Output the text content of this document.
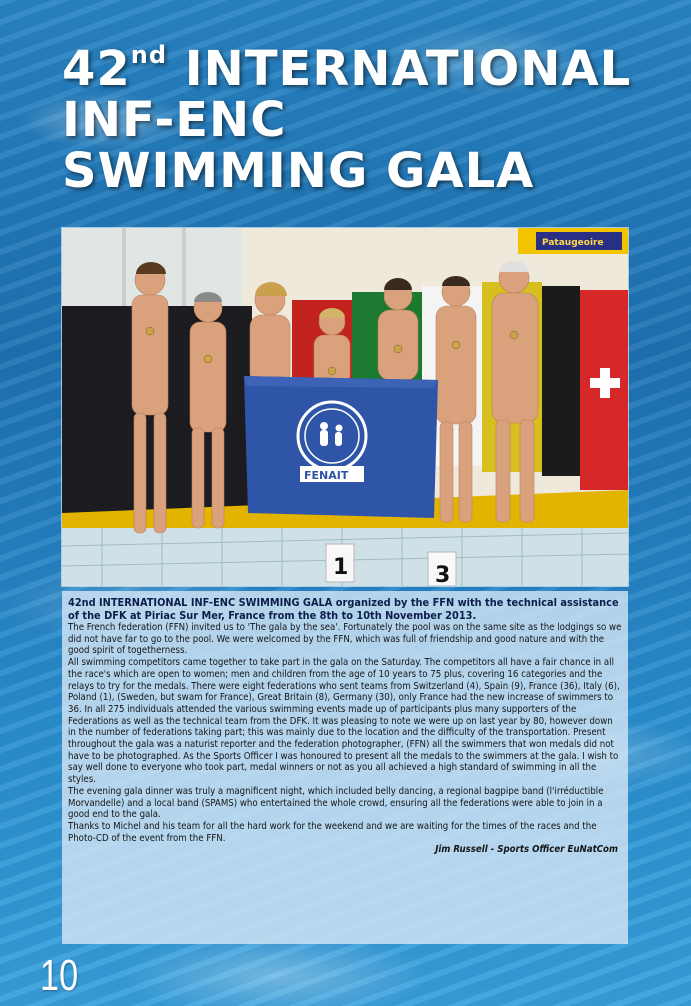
42nd INTERNATIONAL
INF-ENC
SWIMMING GALA
Pataugeoire
1	3
FENAIT

42nd INTERNATIONAL INF-ENC SWIMMING GALA organized by the FFN with the technical assistance of the DFK at Piriac Sur Mer, France from the 8th to 10th November 2013.

The French federation (FFN) invited us to 'The gala by the sea'. Fortunately the pool was on the same site as the lodgings so we did not have far to go to the pool. We were welcomed by the FFN, which was full of friendship and good nature and with the good spirit of togetherness.

All swimming competitors came together to take part in the gala on the Saturday. The competitors all have a fair chance in all the race's which are open to women; men and children from the age of 10 years to 75 plus, covering 16 categories and the relays to try for the medals. There were eight federations who sent teams from Switzerland (4), Spain (9), France (36), Italy (6), Poland (1), (Sweden, but swam for France), Great Britain (8), Germany (30), only France had the new increase of swimmers to 36. In all 275 individuals attended the various swimming events made up of participants plus many supporters of the Federations as well as the technical team from the DFK. It was pleasing to note we were up on last year by 80, however down in the number of federations taking part; this was mainly due to the location and the difficulty of the transportation. Present throughout the gala was a naturist reporter and the federation photographer, (FFN) all the swimmers that won medals did not have to be photographed. As the Sports Officer I was honoured to present all the medals to the swimmers at the gala. I wish to say well done to everyone who took part, medal winners or not as you all achieved a high standard of swimming in all the styles.

The evening gala dinner was truly a magnificent night, which included belly dancing, a regional bagpipe band (l'irréductible Morvandelle) and a local band (SPAMS) who entertained the whole crowd, ensuring all the federations were able to join in a good end to the gala.

Thanks to Michel and his team for all the hard work for the weekend and we are waiting for the times of the races and the Photo-CD of the event from the FFN.

Jim Russell - Sports Officer EuNatCom

10
